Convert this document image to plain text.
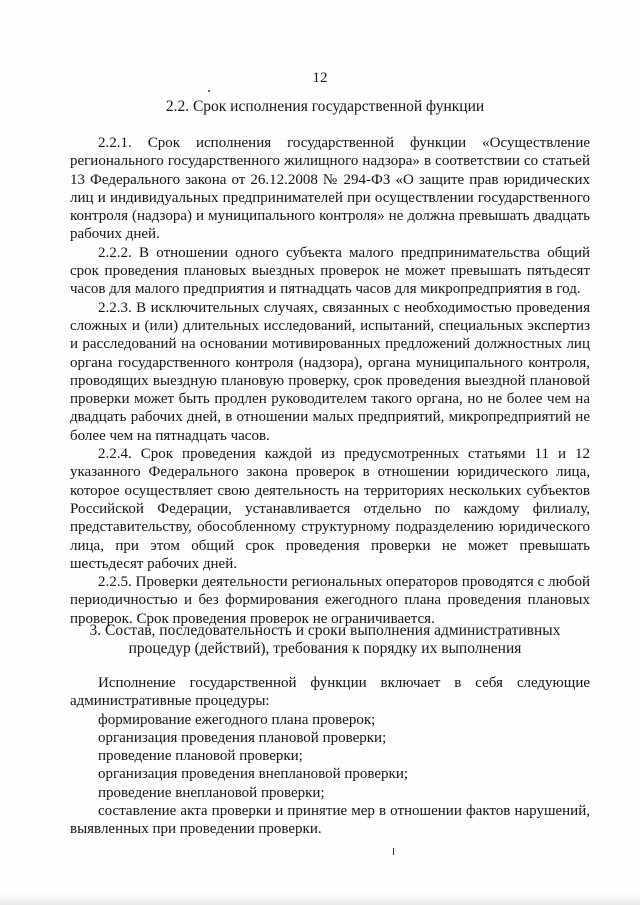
12
2.2. Срок исполнения государственной функции

2.2.1. Срок исполнения государственной функции «Осуществление регионального государственного жилищного надзора» в соответствии со статьей 13 Федерального закона от 26.12.2008 № 294-ФЗ «О защите прав юридических лиц и индивидуальных предпринимателей при осуществлении государственного контроля (надзора) и муниципального контроля» не должна превышать двадцать рабочих дней.

2.2.2. В отношении одного субъекта малого предпринимательства общий срок проведения плановых выездных проверок не может превышать пятьдесят часов для малого предприятия и пятнадцать часов для микропредприятия в год.

2.2.3. В исключительных случаях, связанных с необходимостью проведения сложных и (или) длительных исследований, испытаний, специальных экспертиз и расследований на основании мотивированных предложений должностных лиц органа государственного контроля (надзора), органа муниципального контроля, проводящих выездную плановую проверку, срок проведения выездной плановой проверки может быть продлен руководителем такого органа, но не более чем на двадцать рабочих дней, в отношении малых предприятий, микропредприятий не более чем на пятнадцать часов.

2.2.4. Срок проведения каждой из предусмотренных статьями 11 и 12 указанного Федерального закона проверок в отношении юридического лица, которое осуществляет свою деятельность на территориях нескольких субъектов Российской Федерации, устанавливается отдельно по каждому филиалу, представительству, обособленному структурному подразделению юридического лица, при этом общий срок проведения проверки не может превышать шестьдесят рабочих дней.

2.2.5. Проверки деятельности региональных операторов проводятся с любой периодичностью и без формирования ежегодного плана проведения плановых проверок. Срок проведения проверок не ограничивается.

3. Состав, последовательность и сроки выполнения административных
процедур (действий), требования к порядку их выполнения

Исполнение государственной функции включает в себя следующие административные процедуры:

формирование ежегодного плана проверок;

организация проведения плановой проверки;

проведение плановой проверки;

организация проведения внеплановой проверки;

проведение внеплановой проверки;

составление акта проверки и принятие мер в отношении фактов нарушений, выявленных при проведении проверки.
